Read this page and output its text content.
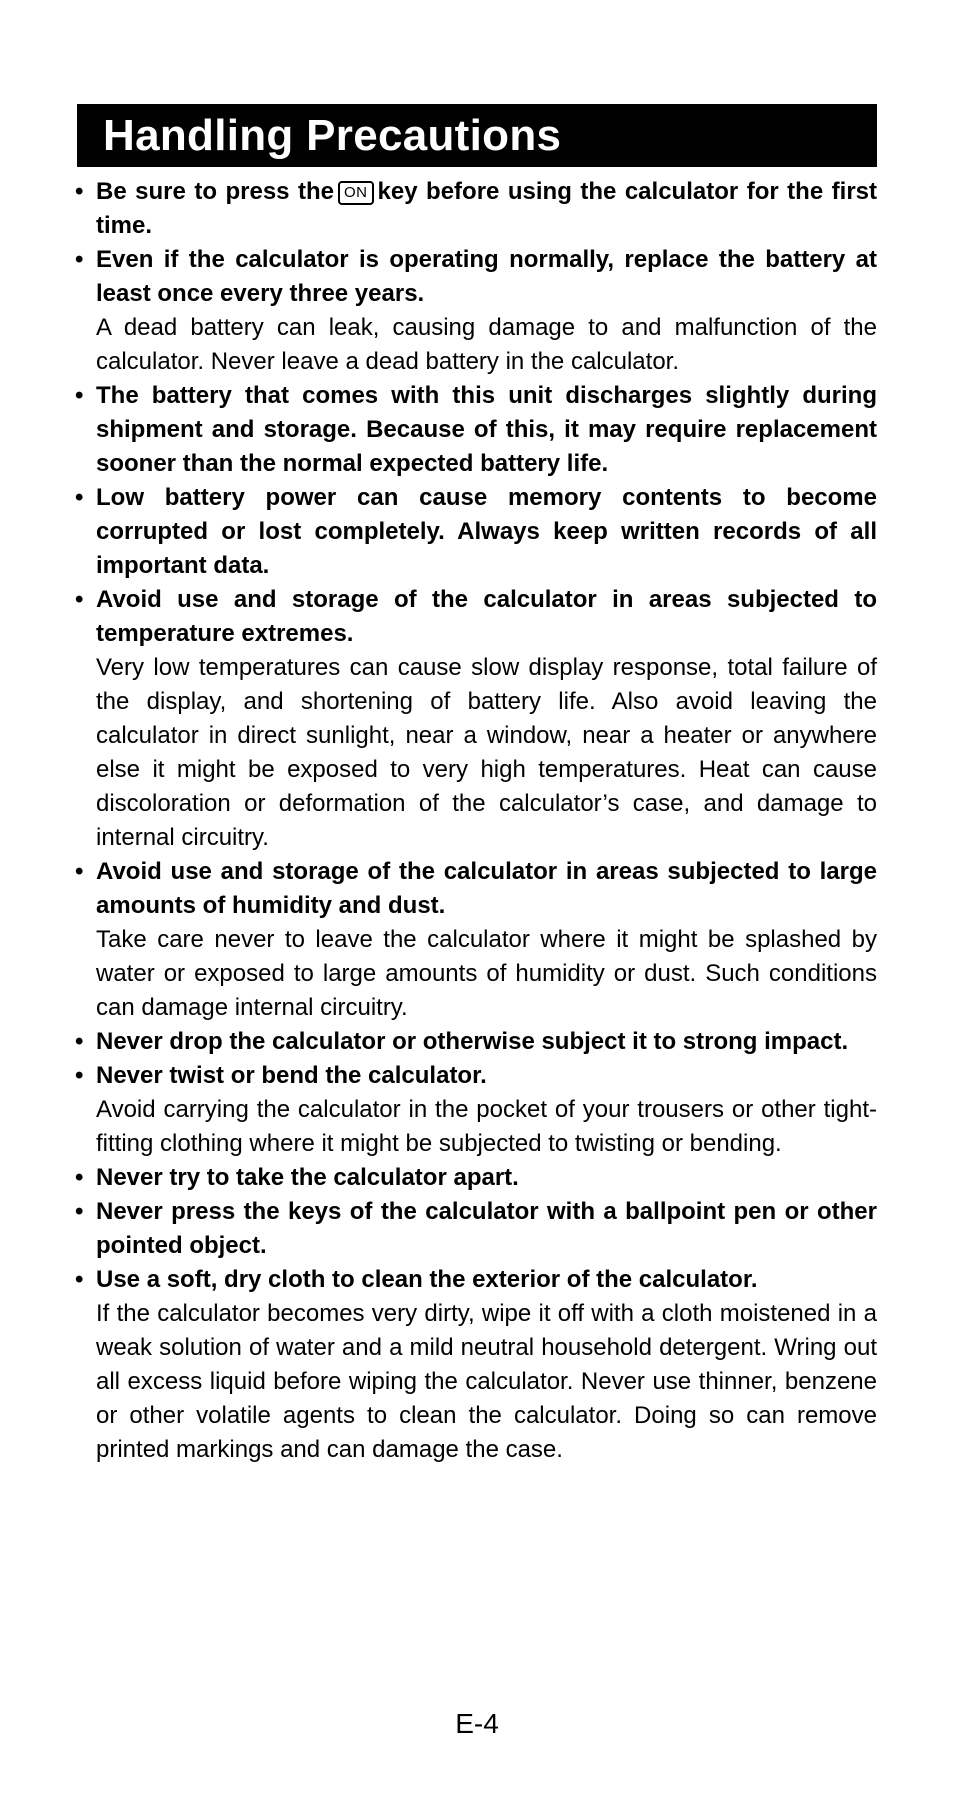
Handling Precautions
• Be sure to press the ON key before using the calculator for the first time.
• Even if the calculator is operating normally, replace the battery at least once every three years.
A dead battery can leak, causing damage to and malfunction of the calculator. Never leave a dead battery in the calculator.
• The battery that comes with this unit discharges slightly during shipment and storage. Because of this, it may require replacement sooner than the normal expected battery life.
• Low battery power can cause memory contents to become corrupted or lost completely. Always keep written records of all important data.
• Avoid use and storage of the calculator in areas subjected to temperature extremes.
Very low temperatures can cause slow display response, total failure of the display, and shortening of battery life. Also avoid leaving the calculator in direct sunlight, near a window, near a heater or anywhere else it might be exposed to very high temperatures. Heat can cause discoloration or deformation of the calculator’s case, and damage to internal circuitry.
• Avoid use and storage of the calculator in areas subjected to large amounts of humidity and dust.
Take care never to leave the calculator where it might be splashed by water or exposed to large amounts of humidity or dust. Such conditions can damage internal circuitry.
• Never drop the calculator or otherwise subject it to strong impact.
• Never twist or bend the calculator.
Avoid carrying the calculator in the pocket of your trousers or other tight-fitting clothing where it might be subjected to twisting or bending.
• Never try to take the calculator apart.
• Never press the keys of the calculator with a ballpoint pen or other pointed object.
• Use a soft, dry cloth to clean the exterior of the calculator.
If the calculator becomes very dirty, wipe it off with a cloth moistened in a weak solution of water and a mild neutral household detergent. Wring out all excess liquid before wiping the calculator. Never use thinner, benzene or other volatile agents to clean the calculator. Doing so can remove printed markings and can damage the case.
E-4
